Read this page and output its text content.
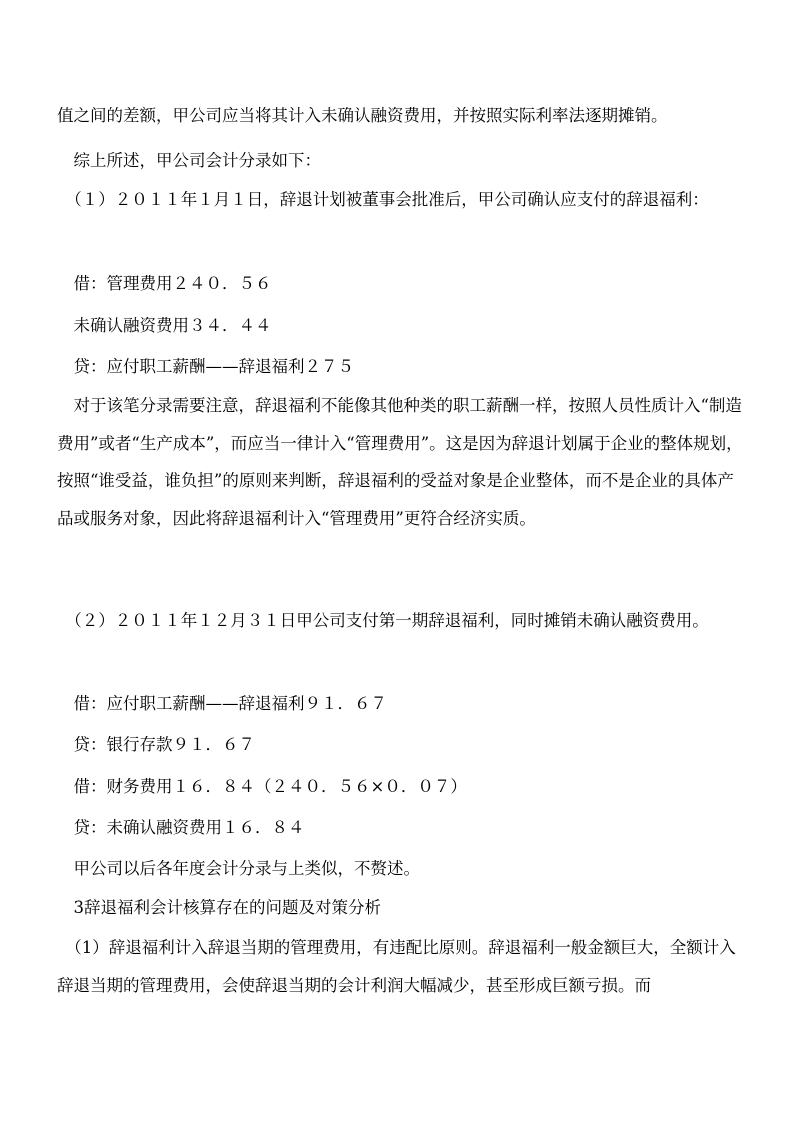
值之间的差额，甲公司应当将其计入未确认融资费用，并按照实际利率法逐期摊销。

　综上所述，甲公司会计分录如下：

　（１）２０１１年１月１日，辞退计划被董事会批准后，甲公司确认应支付的辞退福利：

　借：管理费用２４０．５６

　未确认融资费用３４．４４

　贷：应付职工薪酬——辞退福利２７５

　对于该笔分录需要注意，辞退福利不能像其他种类的职工薪酬一样，按照人员性质计入“制造费用”或者“生产成本”，而应当一律计入“管理费用”。这是因为辞退计划属于企业的整体规划，按照“谁受益，谁负担”的原则来判断，辞退福利的受益对象是企业整体，而不是企业的具体产品或服务对象，因此将辞退福利计入“管理费用”更符合经济实质。

　（２）２０１１年１２月３１日甲公司支付第一期辞退福利，同时摊销未确认融资费用。

　借：应付职工薪酬——辞退福利９１．６７

　贷：银行存款９１．６７

　借：财务费用１６．８４（２４０．５６×０．０７）

　贷：未确认融资费用１６．８４

　甲公司以后各年度会计分录与上类似，不赘述。

　3辞退福利会计核算存在的问题及对策分析

　（1）辞退福利计入辞退当期的管理费用，有违配比原则。辞退福利一般金额巨大，全额计入辞退当期的管理费用，会使辞退当期的会计利润大幅减少，甚至形成巨额亏损。而
